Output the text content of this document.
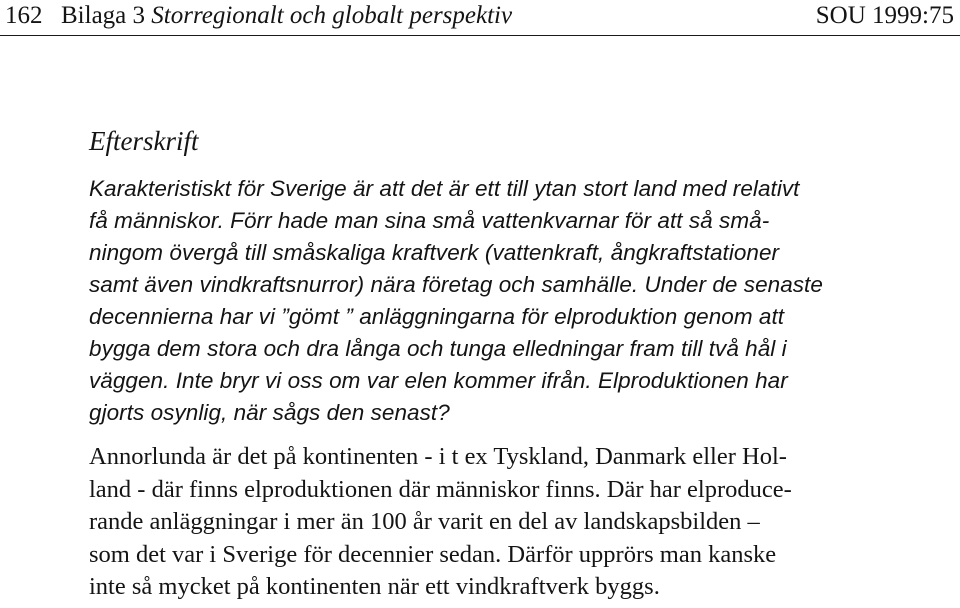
162 Bilaga 3 Storregionalt och globalt perspektiv	SOU 1999:75
Efterskrift

Karakteristiskt för Sverige är att det är ett till ytan stort land med relativt
få människor. Förr hade man sina små vattenkvarnar för att så små-
ningom övergå till småskaliga kraftverk (vattenkraft, ångkraftstationer
samt även vindkraftsnurror) nära företag och samhälle. Under de senaste
decennierna har vi ”gömt ” anläggningarna för elproduktion genom att
bygga dem stora och dra långa och tunga elledningar fram till två hål i
väggen. Inte bryr vi oss om var elen kommer ifrån. Elproduktionen har
gjorts osynlig, när sågs den senast?

Annorlunda är det på kontinenten - i t ex Tyskland, Danmark eller Hol-
land - där finns elproduktionen där människor finns. Där har elproduce-
rande anläggningar i mer än 100 år varit en del av landskapsbilden –
som det var i Sverige för decennier sedan. Därför upprörs man kanske
inte så mycket på kontinenten när ett vindkraftverk byggs.
